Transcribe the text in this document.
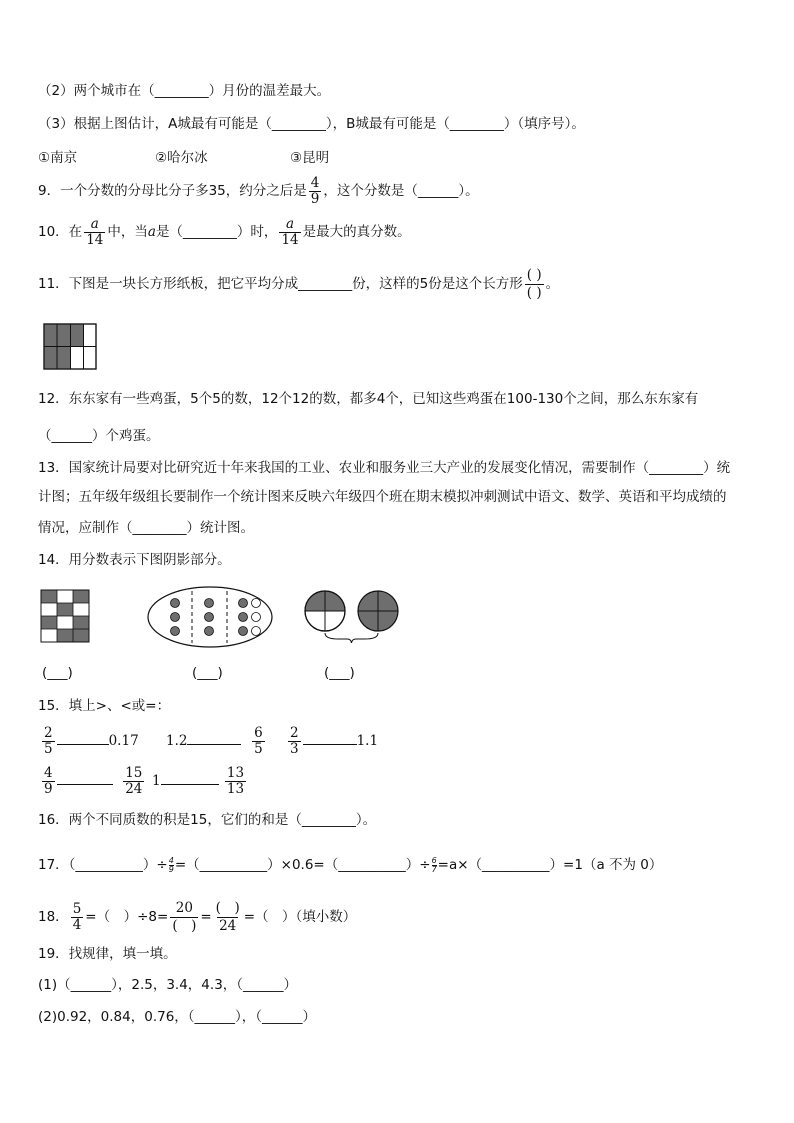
（2）两个城市在（________）月份的温差最大。
（3）根据上图估计，A城最有可能是（________），B城最有可能是（________）（填序号）。
①南京	②哈尔冰	③昆明
9．一个分数的分母比分子多35，约分之后是 $\frac{4}{9}$ ，这个分数是（______）。
10．在 $\frac{a}{14}$ 中，当a是（________）时， $\frac{a}{14}$ 是最大的真分数。
11．下图是一块长方形纸板，把它平均分成________份，这样的5份是这个长方形 $\frac{( )}{( )}$ 。
12．东东家有一些鸡蛋，5个5的数，12个12的数，都多4个，已知这些鸡蛋在100-130个之间，那么东东家有
（______）个鸡蛋。
13．国家统计局要对比研究近十年来我国的工业、农业和服务业三大产业的发展变化情况，需要制作（________）统
计图；五年级年级组长要制作一个统计图来反映六年级四个班在期末模拟冲刺测试中语文、数学、英语和平均成绩的
情况，应制作（________）统计图。
14．用分数表示下图阴影部分。
(___)	(___)	(___)
15．填上>、<或=：
$\frac{2}{5}$	0.17 1.2	$\frac{6}{5} \frac{2}{3}$	1.1
$\frac{4}{9}$
	$\frac{15}{24} 1$	$\frac{13}{13}$
16．两个不同质数的积是15，它们的和是（________）。
17．（__________）÷ $\frac{4}{9}$ =（__________）×0.6=（__________）÷ $\frac{6}{7}$ =a×（__________）=1（a 不为 0）
18． $\frac{5}{4}$ =（　）$\div 8= \frac{20}{( )} = \frac{( )}{24}$ =（　）（填小数）
19．找规律，填一填。
(1)（______），2.5，3.4，4.3，（______）
(2)0.92，0.84，0.76，（______），（______）
